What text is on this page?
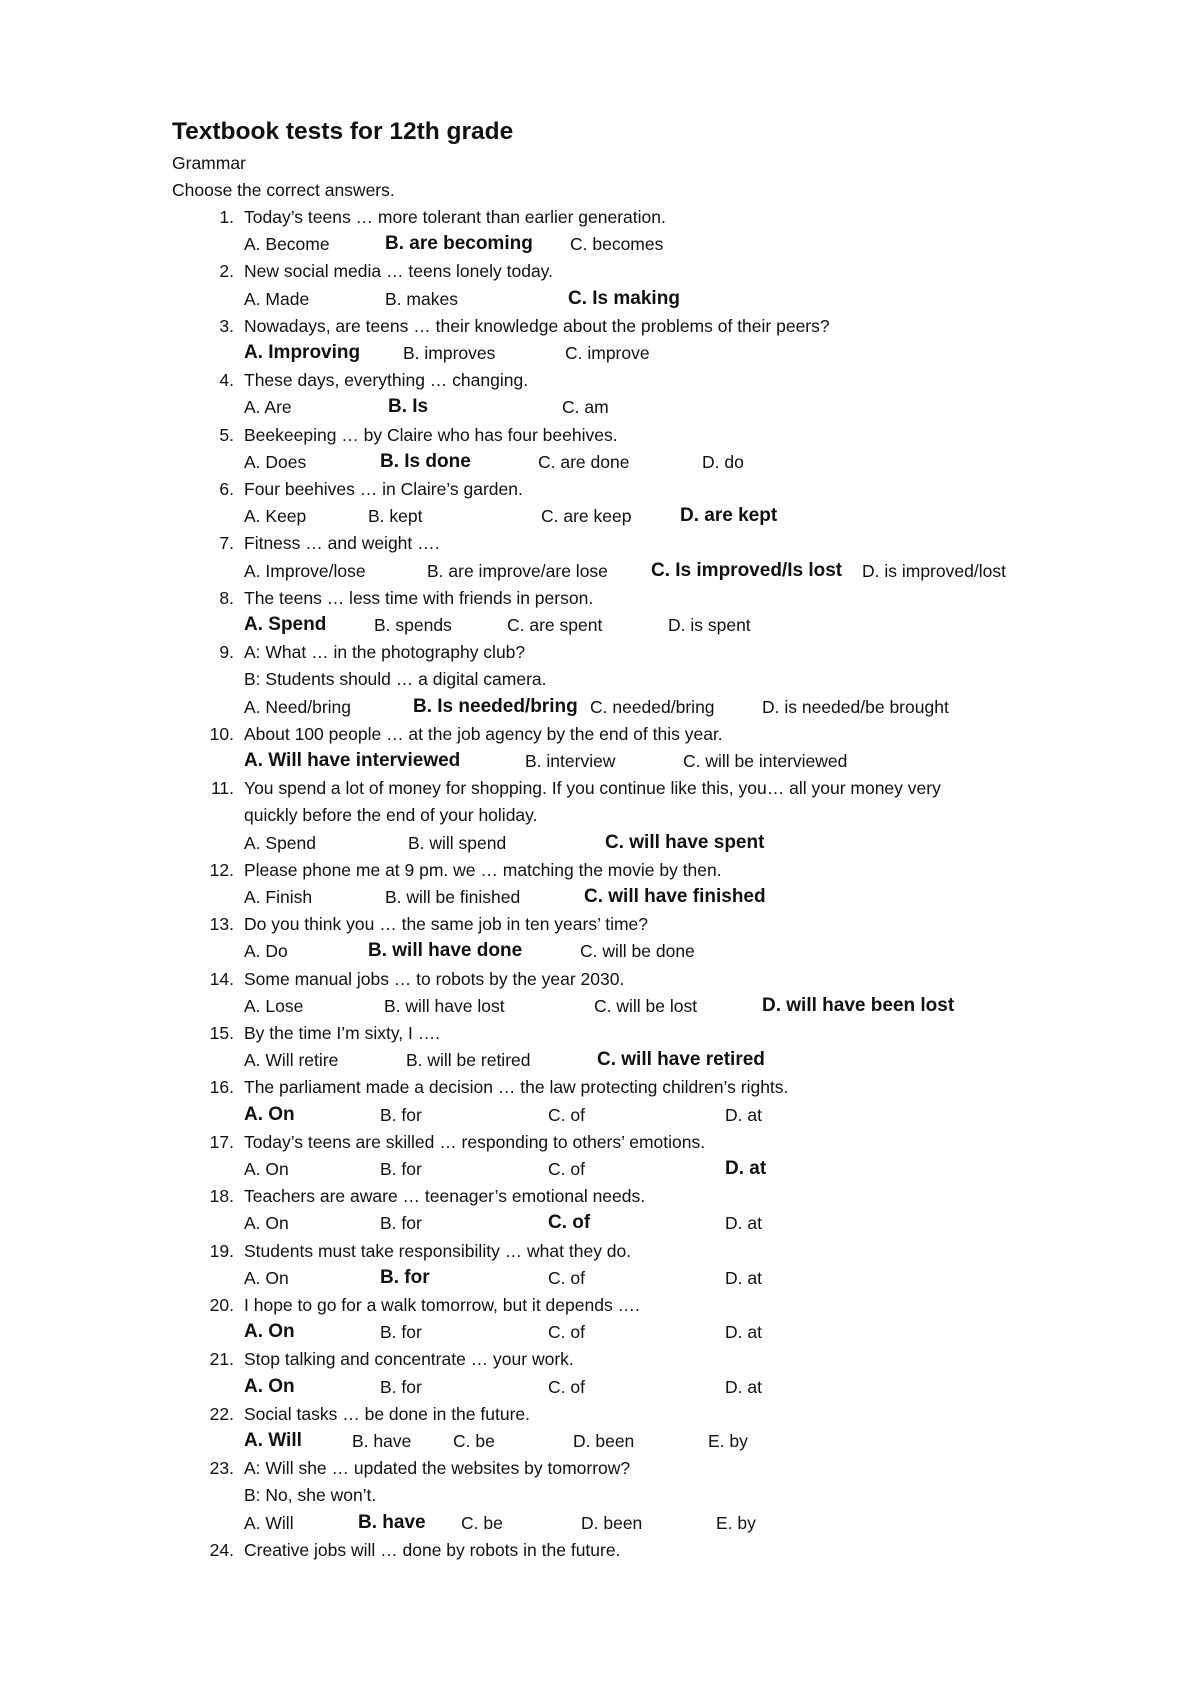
Textbook tests for 12th grade
Grammar
Choose the correct answers.
1. Today’s teens … more tolerant than earlier generation.
A. Become	B. are becoming C. becomes
2. New social media … teens lonely today.
A. Made	B. makes	C. Is making
3. Nowadays, are teens … their knowledge about the problems of their peers?
A. Improving B. improves	C. improve
4. These days, everything … changing.
A. Are	B. Is	C. am
5. Beekeeping … by Claire who has four beehives.
A. Does	B. Is done	C. are done	D. do
6. Four beehives … in Claire’s garden.
A. Keep	B. kept	C. are keep	D. are kept
7. Fitness … and weight ….
A. Improve/lose	B. are improve/are lose C. Is improved/Is lost D. is improved/lost
8. The teens … less time with friends in person.
A. Spend	B. spends	C. are spent	D. is spent
9. A: What … in the photography club?
B: Students should … a digital camera.
A. Need/bring	B. Is needed/bring C. needed/bring	D. is needed/be brought
10. About 100 people … at the job agency by the end of this year.
A. Will have interviewed	B. interview	C. will be interviewed
11. You spend a lot of money for shopping. If you continue like this, you… all your money very
quickly before the end of your holiday.
A. Spend	B. will spend	C. will have spent
12. Please phone me at 9 pm. we … matching the movie by then.
A. Finish	B. will be finished	C. will have finished
13. Do you think you … the same job in ten years’ time?
A. Do	B. will have done	C. will be done
14. Some manual jobs … to robots by the year 2030.
A. Lose	B. will have lost	C. will be lost	D. will have been lost
15. By the time I’m sixty, I ….
A. Will retire	B. will be retired	C. will have retired
16. The parliament made a decision … the law protecting children’s rights.
A. On	B. for	C. of	D. at
17. Today’s teens are skilled … responding to others’ emotions.
A. On	B. for	C. of	D. at
18. Teachers are aware … teenager’s emotional needs.
A. On	B. for	C. of	D. at
19. Students must take responsibility … what they do.
A. On	B. for	C. of	D. at
20. I hope to go for a walk tomorrow, but it depends ….
A. On	B. for	C. of	D. at
21. Stop talking and concentrate … your work.
A. On	B. for	C. of	D. at
22. Social tasks … be done in the future.
A. Will	B. have C. be	D. been	E. by
23. A: Will she … updated the websites by tomorrow?
B: No, she won’t.
A. Will	B. have C. be	D. been	E. by
24. Creative jobs will … done by robots in the future.
